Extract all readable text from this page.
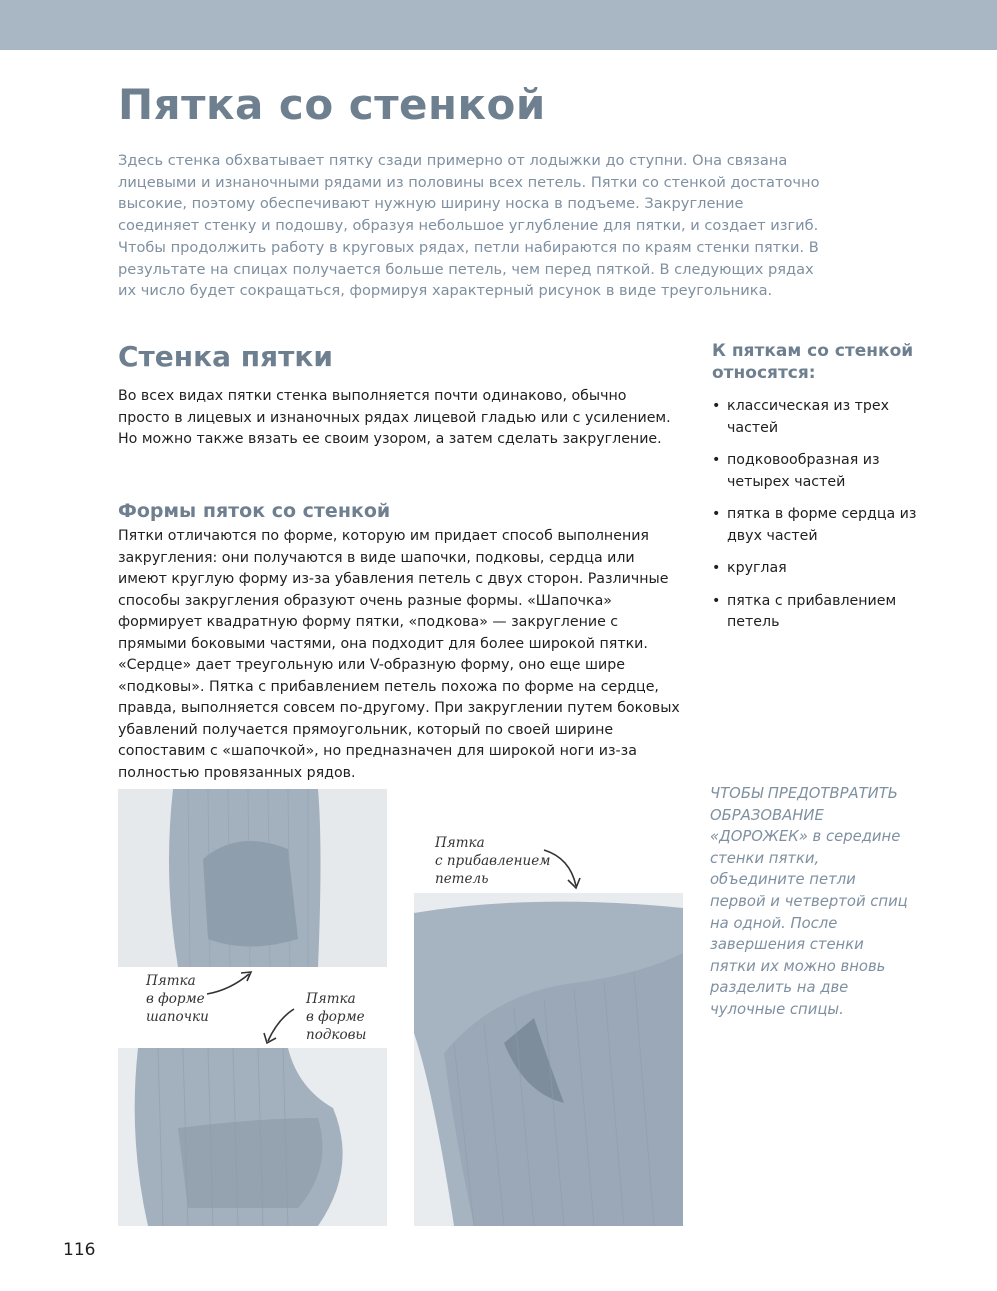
Пятка со стенкой

Здесь стенка обхватывает пятку сзади примерно от лодыжки до ступни. Она связана лицевыми и изнаночными рядами из половины всех петель. Пятки со стенкой достаточно высокие, поэтому обеспечивают нужную ширину носка в подъеме. Закругление соединяет стенку и подошву, образуя небольшое углубление для пятки, и создает изгиб. Чтобы продолжить работу в круговых рядах, петли набираются по краям стенки пятки. В результате на спицах получается больше петель, чем перед пяткой. В следующих рядах их число будет сокращаться, формируя характерный рисунок в виде треугольника.

Стенка пятки

Во всех видах пятки стенка выполняется почти одинаково, обычно просто в лицевых и изнаночных рядах лицевой гладью или с усилением. Но можно также вязать ее своим узором, а затем сделать закругление.

Формы пяток со стенкой

Пятки отличаются по форме, которую им придает способ выполнения закругления: они получаются в виде шапочки, подковы, сердца или имеют круглую форму из-за убавления петель с двух сторон. Различные способы закругления образуют очень разные формы. «Шапочка» формирует квадратную форму пятки, «подкова» — закругление с прямыми боковыми частями, она подходит для более широкой пятки. «Сердце» дает треугольную или V-образную форму, оно еще шире «подковы». Пятка с прибавлением петель похожа по форме на сердце, правда, выполняется совсем по-другому. При закруглении путем боковых убавлений получается прямоугольник, который по своей ширине сопоставим с «шапочкой», но предназначен для широкой ноги из-за полностью провязанных рядов.

К пяткам со стенкой относятся:
• классическая из трех частей
• подковообразная из четырех частей
• пятка в форме сердца из двух частей
• круглая
• пятка с прибавлением петель

ЧТОБЫ ПРЕДОТВРАТИТЬ ОБРАЗОВАНИЕ «ДОРОЖЕК» в середине стенки пятки, объедините петли первой и четвертой спиц на одной. После завершения стенки пятки их можно вновь разделить на две чулочные спицы.

Пятка
в форме
шапочки
Пятка
в форме
подковы
Пятка
с прибавлением
петель
116
